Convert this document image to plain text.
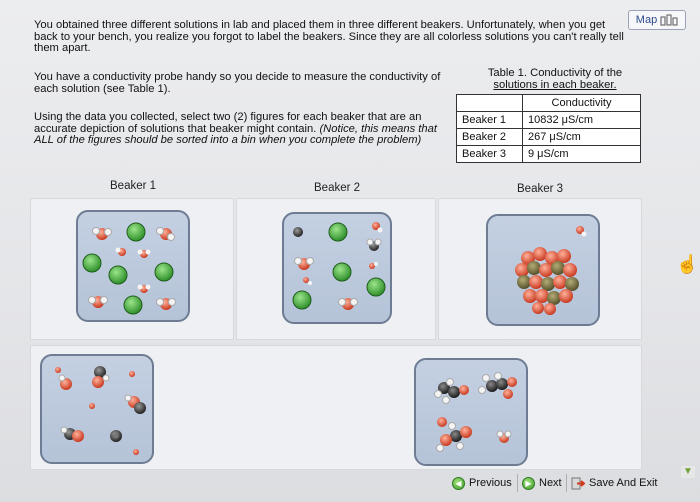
Map

You obtained three different solutions in lab and placed them in three different beakers. Unfortunately, when you get back to your bench, you realize you forgot to label the beakers. Since they are all colorless solutions you can't really tell them apart.

You have a conductivity probe handy so you decide to measure the conductivity of each solution (see Table 1).

Using the data you collected, select two (2) figures for each beaker that are an accurate depiction of solutions that beaker might contain. (Notice, this means that ALL of the figures should be sorted into a bin when you complete the problem)

Table 1. Conductivity of the
solutions in each beaker.
	Conductivity
Beaker 1	10832 μS/cm
Beaker 2	267 μS/cm
Beaker 3	9 μS/cm
Beaker 1	Beaker 2	Beaker 3
☝
▼
◀ Previous	▶ Next Save And Exit
